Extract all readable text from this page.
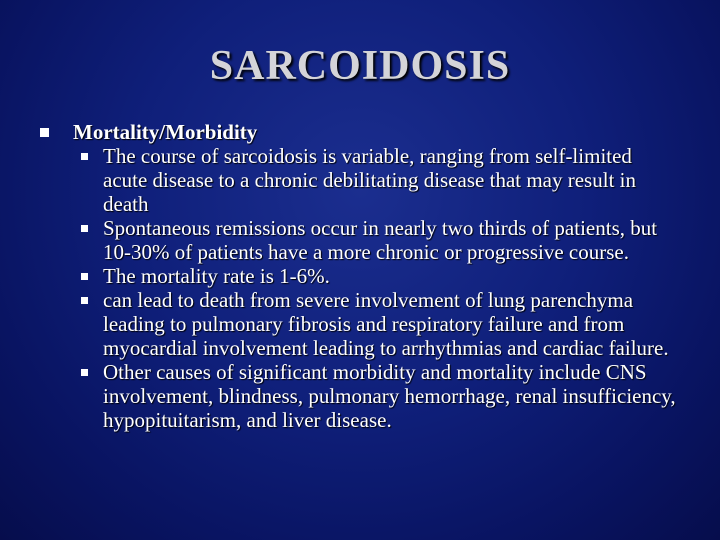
SARCOIDOSIS
Mortality/Morbidity
The course of sarcoidosis is variable, ranging from self-limited acute disease to a chronic debilitating disease that may result in death
Spontaneous remissions occur in nearly two thirds of patients, but 10-30% of patients have a more chronic or progressive course.
The mortality rate is 1-6%.
can lead to death from severe involvement of lung parenchyma leading to pulmonary fibrosis and respiratory failure and from myocardial involvement leading to arrhythmias and cardiac failure.
Other causes of significant morbidity and mortality include CNS involvement, blindness, pulmonary hemorrhage, renal insufficiency, hypopituitarism, and liver disease.
